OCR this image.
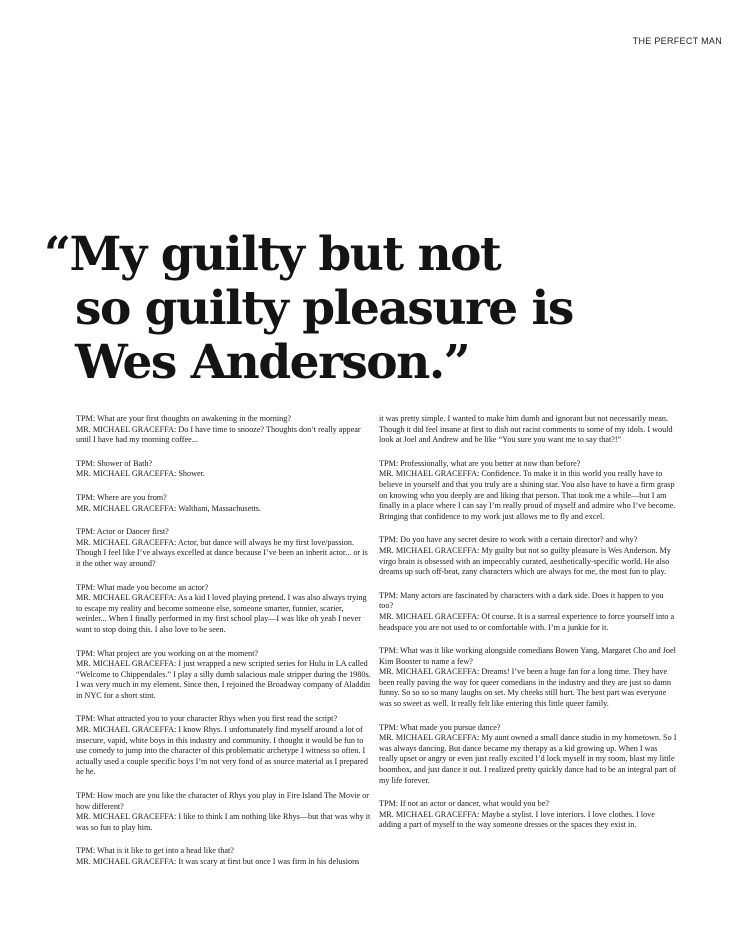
THE PERFECT MAN
“My guilty but not
so guilty pleasure is
Wes Anderson.”

TPM: What are your first thoughts on awakening in the morning?

MR. MICHAEL GRACEFFA: Do I have time to snooze? Thoughts don’t really appear until I have had my morning coffee...

TPM: Shower of Bath?

MR. MICHAEL GRACEFFA: Shower.

TPM: Where are you from?

MR. MICHAEL GRACEFFA: Waltham, Massachusetts.

TPM: Actor or Dancer first?

MR. MICHAEL GRACEFFA: Actor, but dance will always be my first love/passion. Though I feel like I’ve always excelled at dance because I’ve been an inherit actor... or is it the other way around?

TPM: What made you become an actor?

MR. MICHAEL GRACEFFA: As a kid I loved playing pretend. I was also always trying to escape my reality and become someone else, someone smarter, funnier, scarier, weirder... When I finally performed in my first school play—I was like oh yeah I never want to stop doing this. I also love to be seen.

TPM: What project are you working on at the moment?

MR. MICHAEL GRACEFFA: I just wrapped a new scripted series for Hulu in LA called “Welcome to Chippendales.” I play a silly dumb salacious male stripper during the 1980s. I was very much in my element. Since then, I rejoined the Broadway company of Aladdin in NYC for a short stint.

TPM: What attracted you to your character Rhys when you first read the script?

MR. MICHAEL GRACEFFA: I know Rhys. I unfortunately find myself around a lot of insecure, vapid, white boys in this industry and community. I thought it would be fun to use comedy to jump into the character of this problematic archetype I witness so often. I actually used a couple specific boys I’m not very fond of as source material as I prepared he he.

TPM: How much are you like the character of Rhys you play in Fire Island The Movie or how different?

MR. MICHAEL GRACEFFA: I like to think I am nothing like Rhys—but that was why it was so fun to play him.

TPM: What is it like to get into a head like that?

MR. MICHAEL GRACEFFA: It was scary at first but once I was firm in his delusions

it was pretty simple. I wanted to make him dumb and ignorant but not necessarily mean. Though it did feel insane at first to dish out racist comments to some of my idols. I would look at Joel and Andrew and be like “You sure you want me to say that?!”

TPM: Professionally, what are you better at now than before?

MR. MICHAEL GRACEFFA: Confidence. To make it in this world you really have to believe in yourself and that you truly are a shining star. You also have to have a firm grasp on knowing who you deeply are and liking that person. That took me a while—but I am finally in a place where I can say I’m really proud of myself and admire who I’ve become. Bringing that confidence to my work just allows me to fly and excel.

TPM: Do you have any secret desire to work with a certain director? and why?

MR. MICHAEL GRACEFFA: My guilty but not so guilty pleasure is Wes Anderson. My virgo brain is obsessed with an impeccably curated, aesthetically-specific world. He also dreams up such off-beat, zany characters which are always for me, the most fun to play.

TPM: Many actors are fascinated by characters with a dark side. Does it happen to you too?

MR. MICHAEL GRACEFFA: Of course. It is a surreal experience to force yourself into a headspace you are not used to or comfortable with. I’m a junkie for it.

TPM: What was it like working alongside comedians Bowen Yang, Margaret Cho and Joel Kim Booster to name a few?

MR. MICHAEL GRACEFFA: Dreams! I’ve been a huge fan for a long time. They have been really paving the way for queer comedians in the industry and they are just so damn funny. So so so so many laughs on set. My cheeks still hurt. The best part was everyone was so sweet as well. It really felt like entering this little queer family.

TPM: What made you pursue dance?

MR. MICHAEL GRACEFFA: My aunt owned a small dance studio in my hometown. So I was always dancing. But dance became my therapy as a kid growing up. When I was really upset or angry or even just really excited I’d lock myself in my room, blast my little boombox, and just dance it out. I realized pretty quickly dance had to be an integral part of my life forever.

TPM: If not an actor or dancer, what would you be?

MR. MICHAEL GRACEFFA: Maybe a stylist. I love interiors. I love clothes. I love adding a part of myself to the way someone dresses or the spaces they exist in.
